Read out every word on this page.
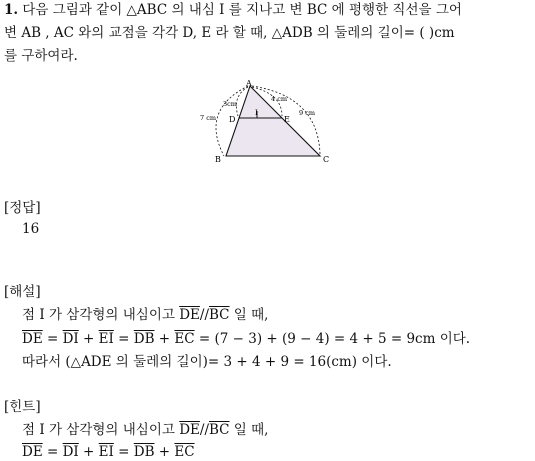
1. 다음 그림과 같이 △ABC 의 내심 I 를 지나고 변 BC 에 평행한 직선을 그어
변 AB , AC 와의 교점을 각각 D, E 라 할 때, △ADB 의 둘레의 길이= ( )cm
를 구하여라.
A
B	C
D	E
I
3cm
4 cm
7 cm
9 cm
[정답]
16
[해설]
점 I 가 삼각형의 내심이고 $\overline{DE}//\overline{BC}$ 일 때,
$\overline{DE} = \overline{DI} + \overline{EI} = \overline{DB} + \overline{EC} = (7 - 3) + (9 - 4) = 4 + 5 = 9cm$ 이다.
따라서 (△ADE 의 둘레의 길이)= 3 + 4 + 9 = 16(cm) 이다.
[힌트]
점 I 가 삼각형의 내심이고 $\overline{DE}//\overline{BC}$ 일 때,
$\overline{DE} = \overline{DI} + \overline{EI} = \overline{DB} + \overline{EC}$
